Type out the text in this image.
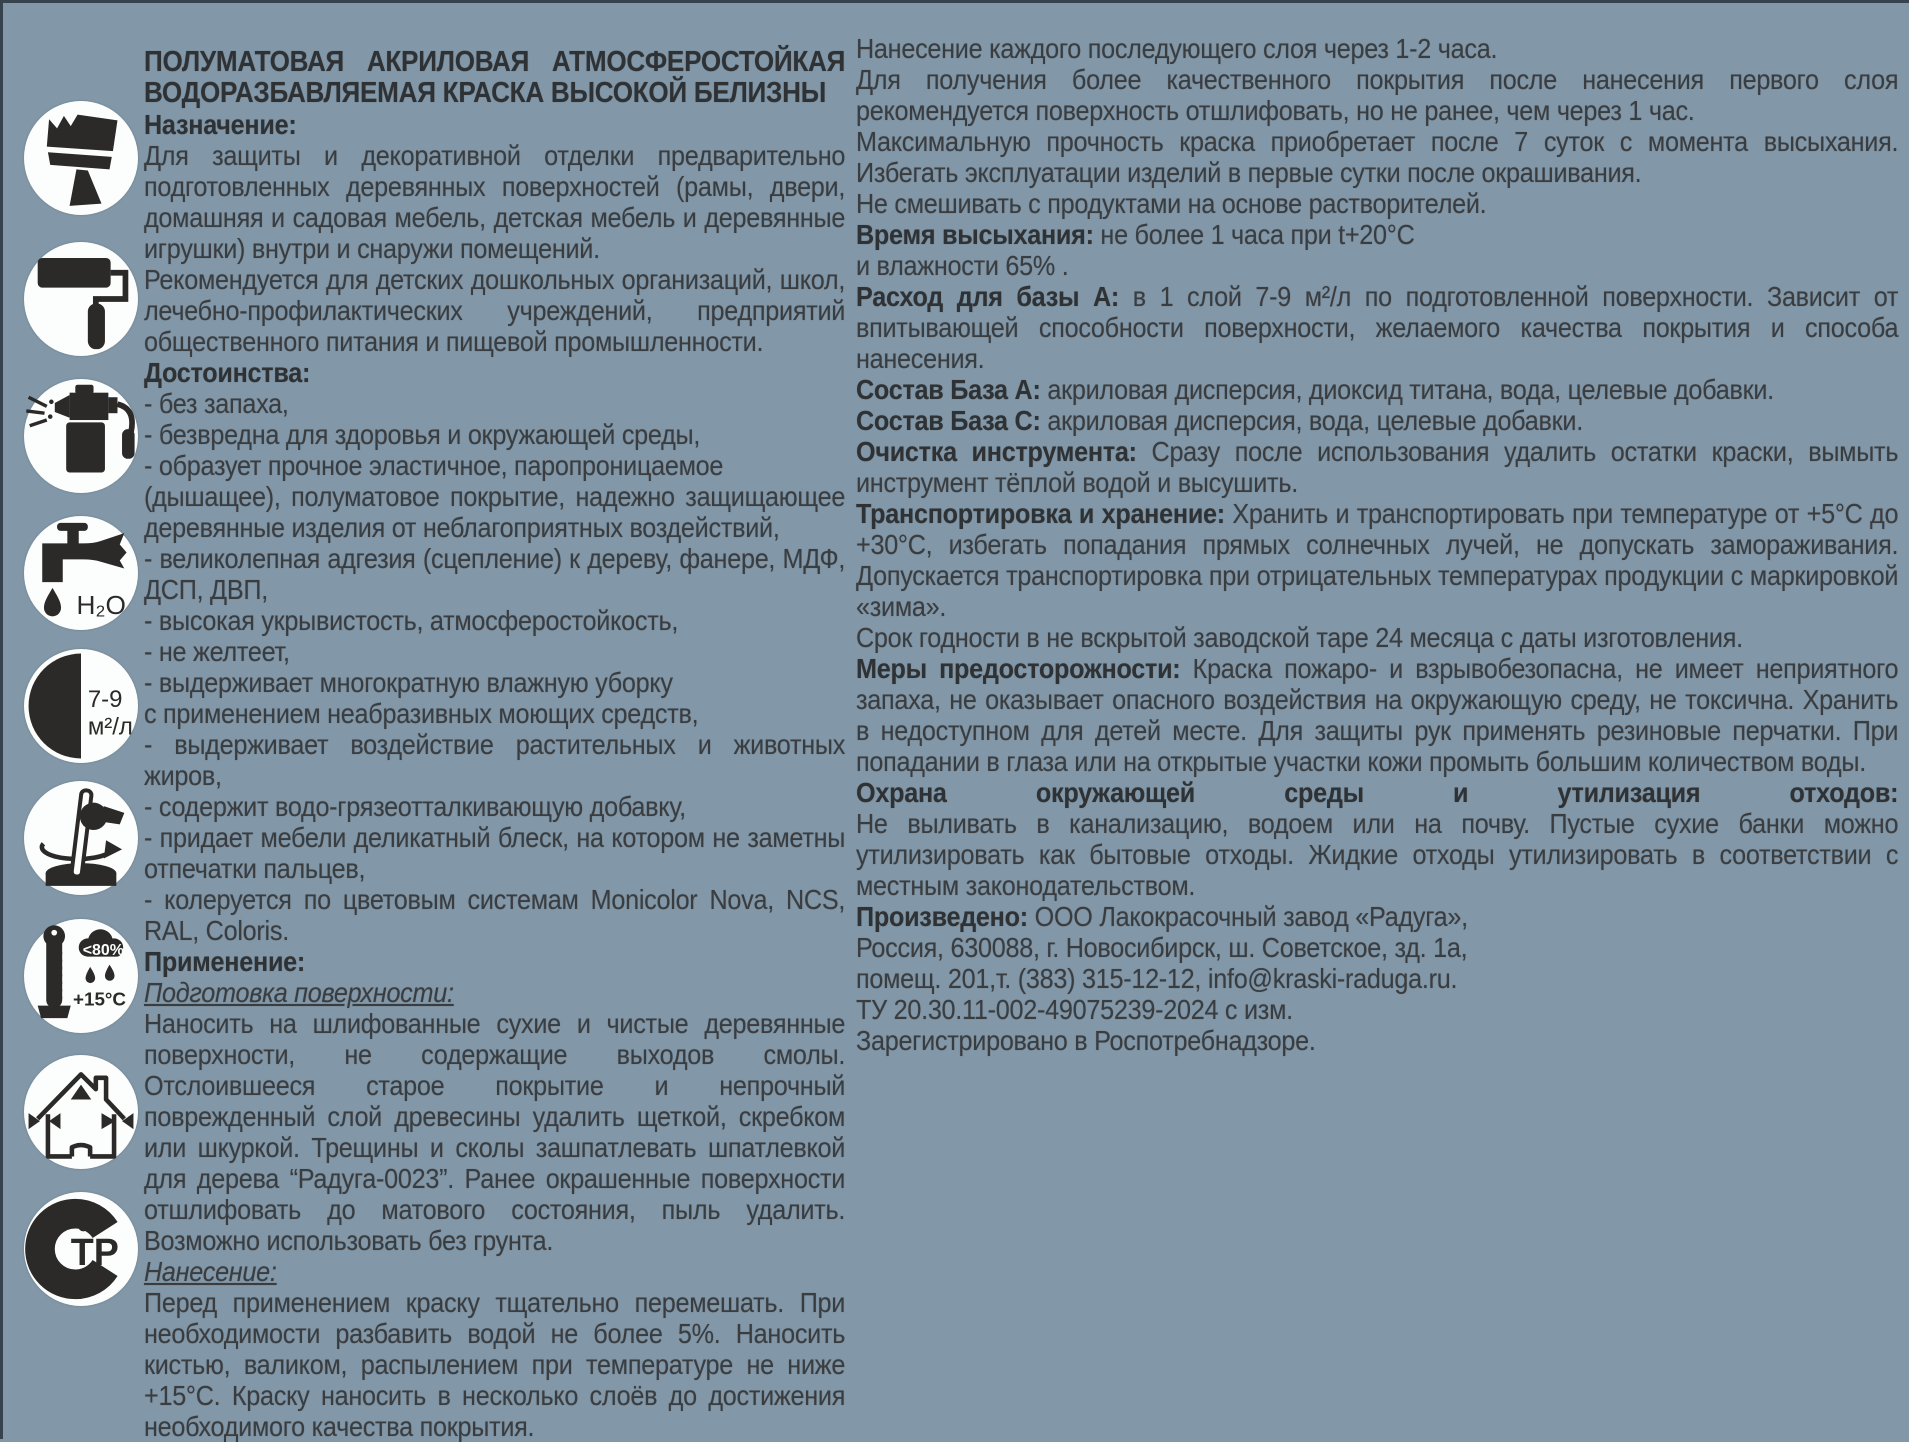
H₂O
7-9
м²/л
<80%
+15°C
ТР
ПОЛУМАТОВАЯ АКРИЛОВАЯ АТМОСФЕРОСТОЙКАЯ ВОДОРАЗБАВЛЯЕМАЯ КРАСКА ВЫСОКОЙ БЕЛИЗНЫ
Назначение:
Для защиты и декоративной отделки предварительно подготовленных деревянных поверхностей (рамы, двери, домашняя и садовая мебель, детская мебель и деревянные игрушки) внутри и снаружи помещений.
Рекомендуется для детских дошкольных организаций, школ, лечебно-профилактических учреждений, предприятий общественного питания и пищевой промышленности.
Достоинства:
- без запаха,
- безвредна для здоровья и окружающей среды,
- образует прочное эластичное, паропроницаемое
(дышащее), полуматовое покрытие, надежно защищающее деревянные изделия от неблагоприятных воздействий,
- великолепная адгезия (сцепление) к дереву, фанере, МДФ, ДСП, ДВП,
- высокая укрывистость, атмосферостойкость,
- не желтеет,
- выдерживает многократную влажную уборку
с применением неабразивных моющих средств,
- выдерживает воздействие растительных и животных жиров,
- содержит водо-грязеотталкивающую добавку,
- придает мебели деликатный блеск, на котором не заметны отпечатки пальцев,
- колеруется по цветовым системам Monicolor Nova, NCS, RAL, Coloris.
Применение:
Подготовка поверхности:
Наносить на шлифованные сухие и чистые деревянные поверхности, не содержащие выходов смолы. Отслоившееся старое покрытие и непрочный поврежденный слой древесины удалить щеткой, скребком или шкуркой. Трещины и сколы зашпатлевать шпатлевкой для дерева “Радуга-0023”. Ранее окрашенные поверхности отшлифовать до матового состояния, пыль удалить. Возможно использовать без грунта.
Нанесение:
Перед применением краску тщательно перемешать. При необходимости разбавить водой не более 5%. Наносить кистью, валиком, распылением при температуре не ниже +15°С. Краску наносить в несколько слоёв до достижения необходимого качества покрытия.
Нанесение каждого последующего слоя через 1-2 часа.
Для получения более качественного покрытия после нанесения первого слоя рекомендуется поверхность отшлифовать, но не ранее, чем через 1 час.
Максимальную прочность краска приобретает после 7 суток с момента высыхания. Избегать эксплуатации изделий в первые сутки после окрашивания.
Не смешивать с продуктами на основе растворителей.
Время высыхания: не более 1 часа при t+20°C
и влажности 65% .
Расход для базы А: в 1 слой 7-9 м²/л по подготовленной поверхности. Зависит от впитывающей способности поверхности, желаемого качества покрытия и способа нанесения.
Состав База А: акриловая дисперсия, диоксид титана, вода, целевые добавки.
Состав База С: акриловая дисперсия, вода, целевые добавки.
Очистка инструмента: Сразу после использования удалить остатки краски, вымыть инструмент тёплой водой и высушить.
Транспортировка и хранение: Хранить и транспортировать при температуре от +5°С до +30°С, избегать попадания прямых солнечных лучей, не допускать замораживания. Допускается транспортировка при отрицательных температурах продукции с маркировкой «зима».
Срок годности в не вскрытой заводской таре 24 месяца с даты изготовления.
Меры предосторожности: Краска пожаро- и взрывобезопасна, не имеет неприятного запаха, не оказывает опасного воздействия на окружающую среду, не токсична. Хранить в недоступном для детей месте. Для защиты рук применять резиновые перчатки. При попадании в глаза или на открытые участки кожи промыть большим количеством воды.
Охрана окружающей среды и утилизация отходов:
Не выливать в канализацию, водоем или на почву. Пустые сухие банки можно утилизировать как бытовые отходы. Жидкие отходы утилизировать в соответствии с местным законодательством.
Произведено: ООО Лакокрасочный завод «Радуга»,
Россия, 630088, г. Новосибирск, ш. Советское, зд. 1а,
помещ. 201,т. (383) 315-12-12, info@kraski-raduga.ru.
ТУ 20.30.11-002-49075239-2024 с изм.
Зарегистрировано в Роспотребнадзоре.
